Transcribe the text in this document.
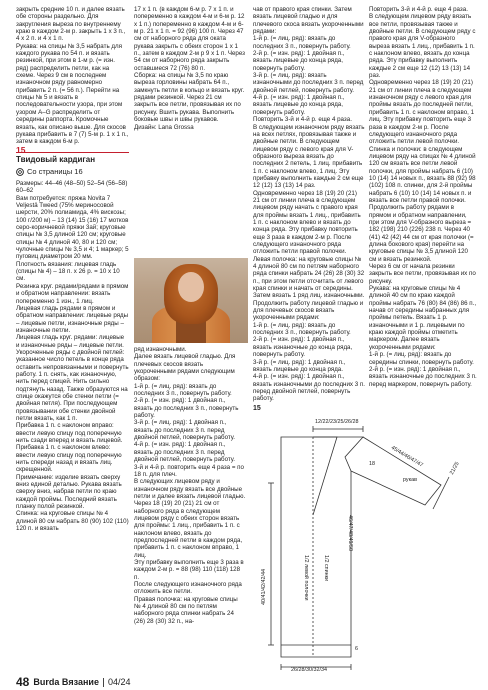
закрыть средние 10 п. и далее вязать обе стороны раздельно. Для закругления выреза по внутреннему краю в каждом 2-м р. закрыть 1 х 3 п., 4 х 2 п. и 4 х 1 п.

Рукава: на спицы № 3,5 набрать для каждого рукава по 54 п. и вязать резинкой, при этом в 1-м р. (= изн. ряд) распределить петли, как на схеме. Через 9 см в последнем изнаночном ряду равномерно прибавить 2 п. (= 56 п.). Перейти на спицы № 5 и вязать в последовательности узора, при этом узором А–G распределить от середины раппорта. Кромочные вязать, как описано выше. Для скосов рукава прибавить в 7 (7) 5-м р. 1 х 1 п., затем в каждом 6-м р.

15
Твидовый кардиган
Со страницы 16

Размеры: 44–46 (48–50) 52–54 (56–58) 60–62

Вам потребуется: пряжа Novita 7 Veljestä Tweed (75% мериносовой шерсти, 20% полиамида, 4% вискозы; 100 г/200 м) – 13 (14) 15 (16) 17 мотков серо-коричневой пряжи 3ай; круговые спицы № 3,5 длиной 120 см; круговые спицы № 4 длиной 40, 80 и 120 см; чулочные спицы № 3,5 и 4; 1 маркер; 5 пуговиц диаметром 20 мм.

Плотность вязания: лицевая гладь (спицы № 4) – 18 п. х 26 р. = 10 х 10 см.

Резинка круг. рядами/рядами в прямом и обратном направлении: вязать попеременно 1 изн., 1 лиц.

Лицевая гладь рядами в прямом и обратном направлении: лицевые ряды – лицевые петли, изнаночные ряды – изнаночные петли.

Лицевая гладь круг. рядами: лицевые и изнаночные ряды – лицевые петли.

Укороченные ряды с двойной петлей: указанное число петель в конце ряда оставить непровязанными и повернуть работу. 1 п. снять, как изнаночную, нить перед спицей. Нить сильно подтянуть назад. Также образуются на спице окажутся обе стенки петли (= двойная петля). При последующем провязывании обе стенки двойной петли вязать, как 1 п.

Прибавка 1 п. с наклоном вправо: ввести левую спицу под поперечную нить сзади вперед и вязать лицевой.

Прибавка 1 п. с наклоном влево: ввести левую спицу под поперечную нить спереди назад и вязать лиц. скрещенной.

Примечание: изделие вязать сверху вниз единой деталью. Рукава вязать сверху вниз, набрав петли по краю каждой проймы. Последний вязать планку полой резинкой.

Спинка: на круговые спицы № 4 длиной 80 см набрать 80 (90) 102 (110) 120 п. и вязать

17 х 1 п. (в каждом 6-м р. 7 х 1 п. и попеременно в каждом 4-м и 6-м р. 12 х 1 п.) попеременно в каждом 4-м и 6-м р. 21 х 1 п. = 92 (96) 100 п. Через 47 см от наборного ряда для оката рукава закрыть с обеих сторон 1 х 1 п., затем в каждом 2-м р 9 х 1 п. Через 54 см от наборного ряда закрыть оставшиеся 72 (76) 80 п.

Сборка: на спицы № 3,5 по краю выреза горловины набрать 64 п., замкнуть петли в кольцо и вязать круг. рядами резинкой. Через 21 см закрыть все петли, провязывая их по рисунку. Вшить рукава. Выполнить боковые швы и швы рукавов.

Дизайн: Lana Grossa

ряд изнаночными.

Далее вязать лицевой гладью. Для плечевых скосов вязать укороченными рядами следующим образом:

1-й р. (= лиц. ряд): вязать до последних 3 п., повернуть работу.

2-й р. (= изн. ряд): 1 двойная п., вязать до последних 3 п., повернуть работу.

3-й р. (= лиц. ряд): 1 двойная п., вязать до последних 3 п. перед двойной петлей, повернуть работу.

4-й р. (= изн. ряд): 1 двойная п., вязать до последних 3 п. перед двойной петлей, повернуть работу.

3-й и 4-й р. повторить еще 4 раза = по 18 п. для плеч.

В следующих лицевом ряду и изнаночном ряду вязать все двойные петли и далее вязать лицевой гладью.

Через 18 (19) 20 (21) 21 см от наборного ряда в следующем лицевом ряду с обеих сторон вязать для проймы: 1 лиц., прибавить 1 п. с наклоном влево, вязать до предпоследней петли в каждом ряда, прибавить 1 п. с наклоном вправо, 1 лиц.

Эту прибавку выполнить еще 3 раза в каждом 2-м р. = 88 (98) 110 (118) 128 п.

После следующего изнаночного ряда отложить все петли.

Правая полочка: на круговые спицы № 4 длиной 80 см по петлям наборного ряда спинки набрать 24 (26) 28 (30) 32 п., на-

чав от правого края спинки. Затем вязать лицевой гладью и для плечевого скоса вязать укороченными рядами:

1-й р. (= лиц. ряд): вязать до последних 3 п., повернуть работу.

2-й р. (= изн. ряд): 1 двойная п., вязать лицевые до конца ряда, повернуть работу.

3-й р. (= лиц. ряд): вязать изнаночными до последних 3 п. перед двойной петлей, повернуть работу.

4-й р. (= изн. ряд): 1 двойная п., вязать лицевые до конца ряда, повернуть работу.

Повторить 3-й и 4-й р. еще 4 раза.

В следующем изнаночном ряду вязать на всех петлях, провязывая также и двойные петли. В следующем лицевом ряду с левого края для V-образного выреза вязать до последних 2 петель, 1 лиц. прибавить 1 п. с наклоном влево, 1 лиц. Эту прибавку выполнить каждые 2 см еще 12 (12) 13 (13) 14 раз.

Одновременно через 18 (19) 20 (21) 21 см от линии плеча в следующем лицевом ряду начать с правого края для проймы вязать 1 лиц., прибавить 1 п. с наклоном влево и вязать до конца ряда. Эту прибавку повторить еще 3 раза в каждом 2-м р. После следующего изнаночного ряда отложить петли правой полочки.

Левая полочка: на круговые спицы № 4 длиной 80 см по петлям наборного ряда спинки набрать 24 (26) 28 (30) 32 п., при этом петли отсчитать от левого края спинки и начать от середины. Затем вязать 1 ряд лиц. изнаночными. Продолжить работу лицевой гладью и для плечевых скосов вязать укороченными рядами:

1-й р. (= лиц. ряд): вязать до последних 3 п., повернуть работу.

2-й р. (= изн. ряд): 1 двойная п., вязать изнаночные до конца ряда, повернуть работу.

3-й р. (= лиц. ряд): 1 двойная п., вязать лицевые до конца ряда.

4-й р. (= изн. ряд): 1 двойная п., вязать изнаночными до последних 3 п. перед двойной петлей, повернуть работу.

Повторить 3-й и 4-й р. еще 4 раза.

В следующем лицевом ряду вязать все петли, провязывая также и двойные петли. В следующем ряду с правого края для V-образного выреза вязать 1 лиц., прибавить 1 п. с наклоном влево, вязать до конца ряда. Эту прибавку выполнить каждые 2 см еще 12 (12) 13 (13) 14 раз.

Одновременно через 18 (19) 20 (21) 21 см от линии плеча в следующем изнаночном ряду с левого края для проймы вязать до последней петли, прибавить 1 п. с наклоном вправо, 1 лиц. Эту прибавку повторить еще 3 раза в каждом 2-м р. После следующего изнаночного ряда отложить петли левой полочки.

Спинка и полочки: в следующем лицевом ряду на спицах № 4 длиной 120 см вязать все петли левой полочки, для проймы набрать 6 (10) 10 (14) 14 новых п., вязать 88 (92) 98 (102) 108 п. спинки, для 2-й проймы набрать 6 (10) 10 (14) 14 новых п. и вязать все петли правой полочки.

Продолжить работу рядами в прямом и обратном направлении, при этом для V-образного выреза = 182 (198) 210 (226) 238 п. Через 40 (41) 42 (42) 44 см от края полочки (= длина бокового края) перейти на круговые спицы № 3,5 длиной 120 см и вязать резинкой.

Через 6 см от начала резинки закрыть все петли, провязывая их по рисунку.

Рукава: на круговые спицы № 4 длиной 40 см по краю каждой проймы набрать 76 (80) 84 (86) 86 п., начав от середины набранных для проймы петель. Вязать 1 р. изнаночными и 1 р. лицевыми по краю каждой проймы отметить маркером. Далее вязать укороченными рядами:

1-й р. (= лиц. ряд): вязать до середины спинки, повернуть работу.

2-й р. (= изн. ряд): 1 двойная п., вязать изнаночные до последних 3 п. перед маркером, повернуть работу.

15
12/22/23/25/26/28
45/44/46/47/47
18
рукав
21/25
46/47/48/49/50
1/2 спинки
1/2 левой полочки
40/41/42/42/44
26/28/30/32/34
6
48 Burda Вязание 04/24
